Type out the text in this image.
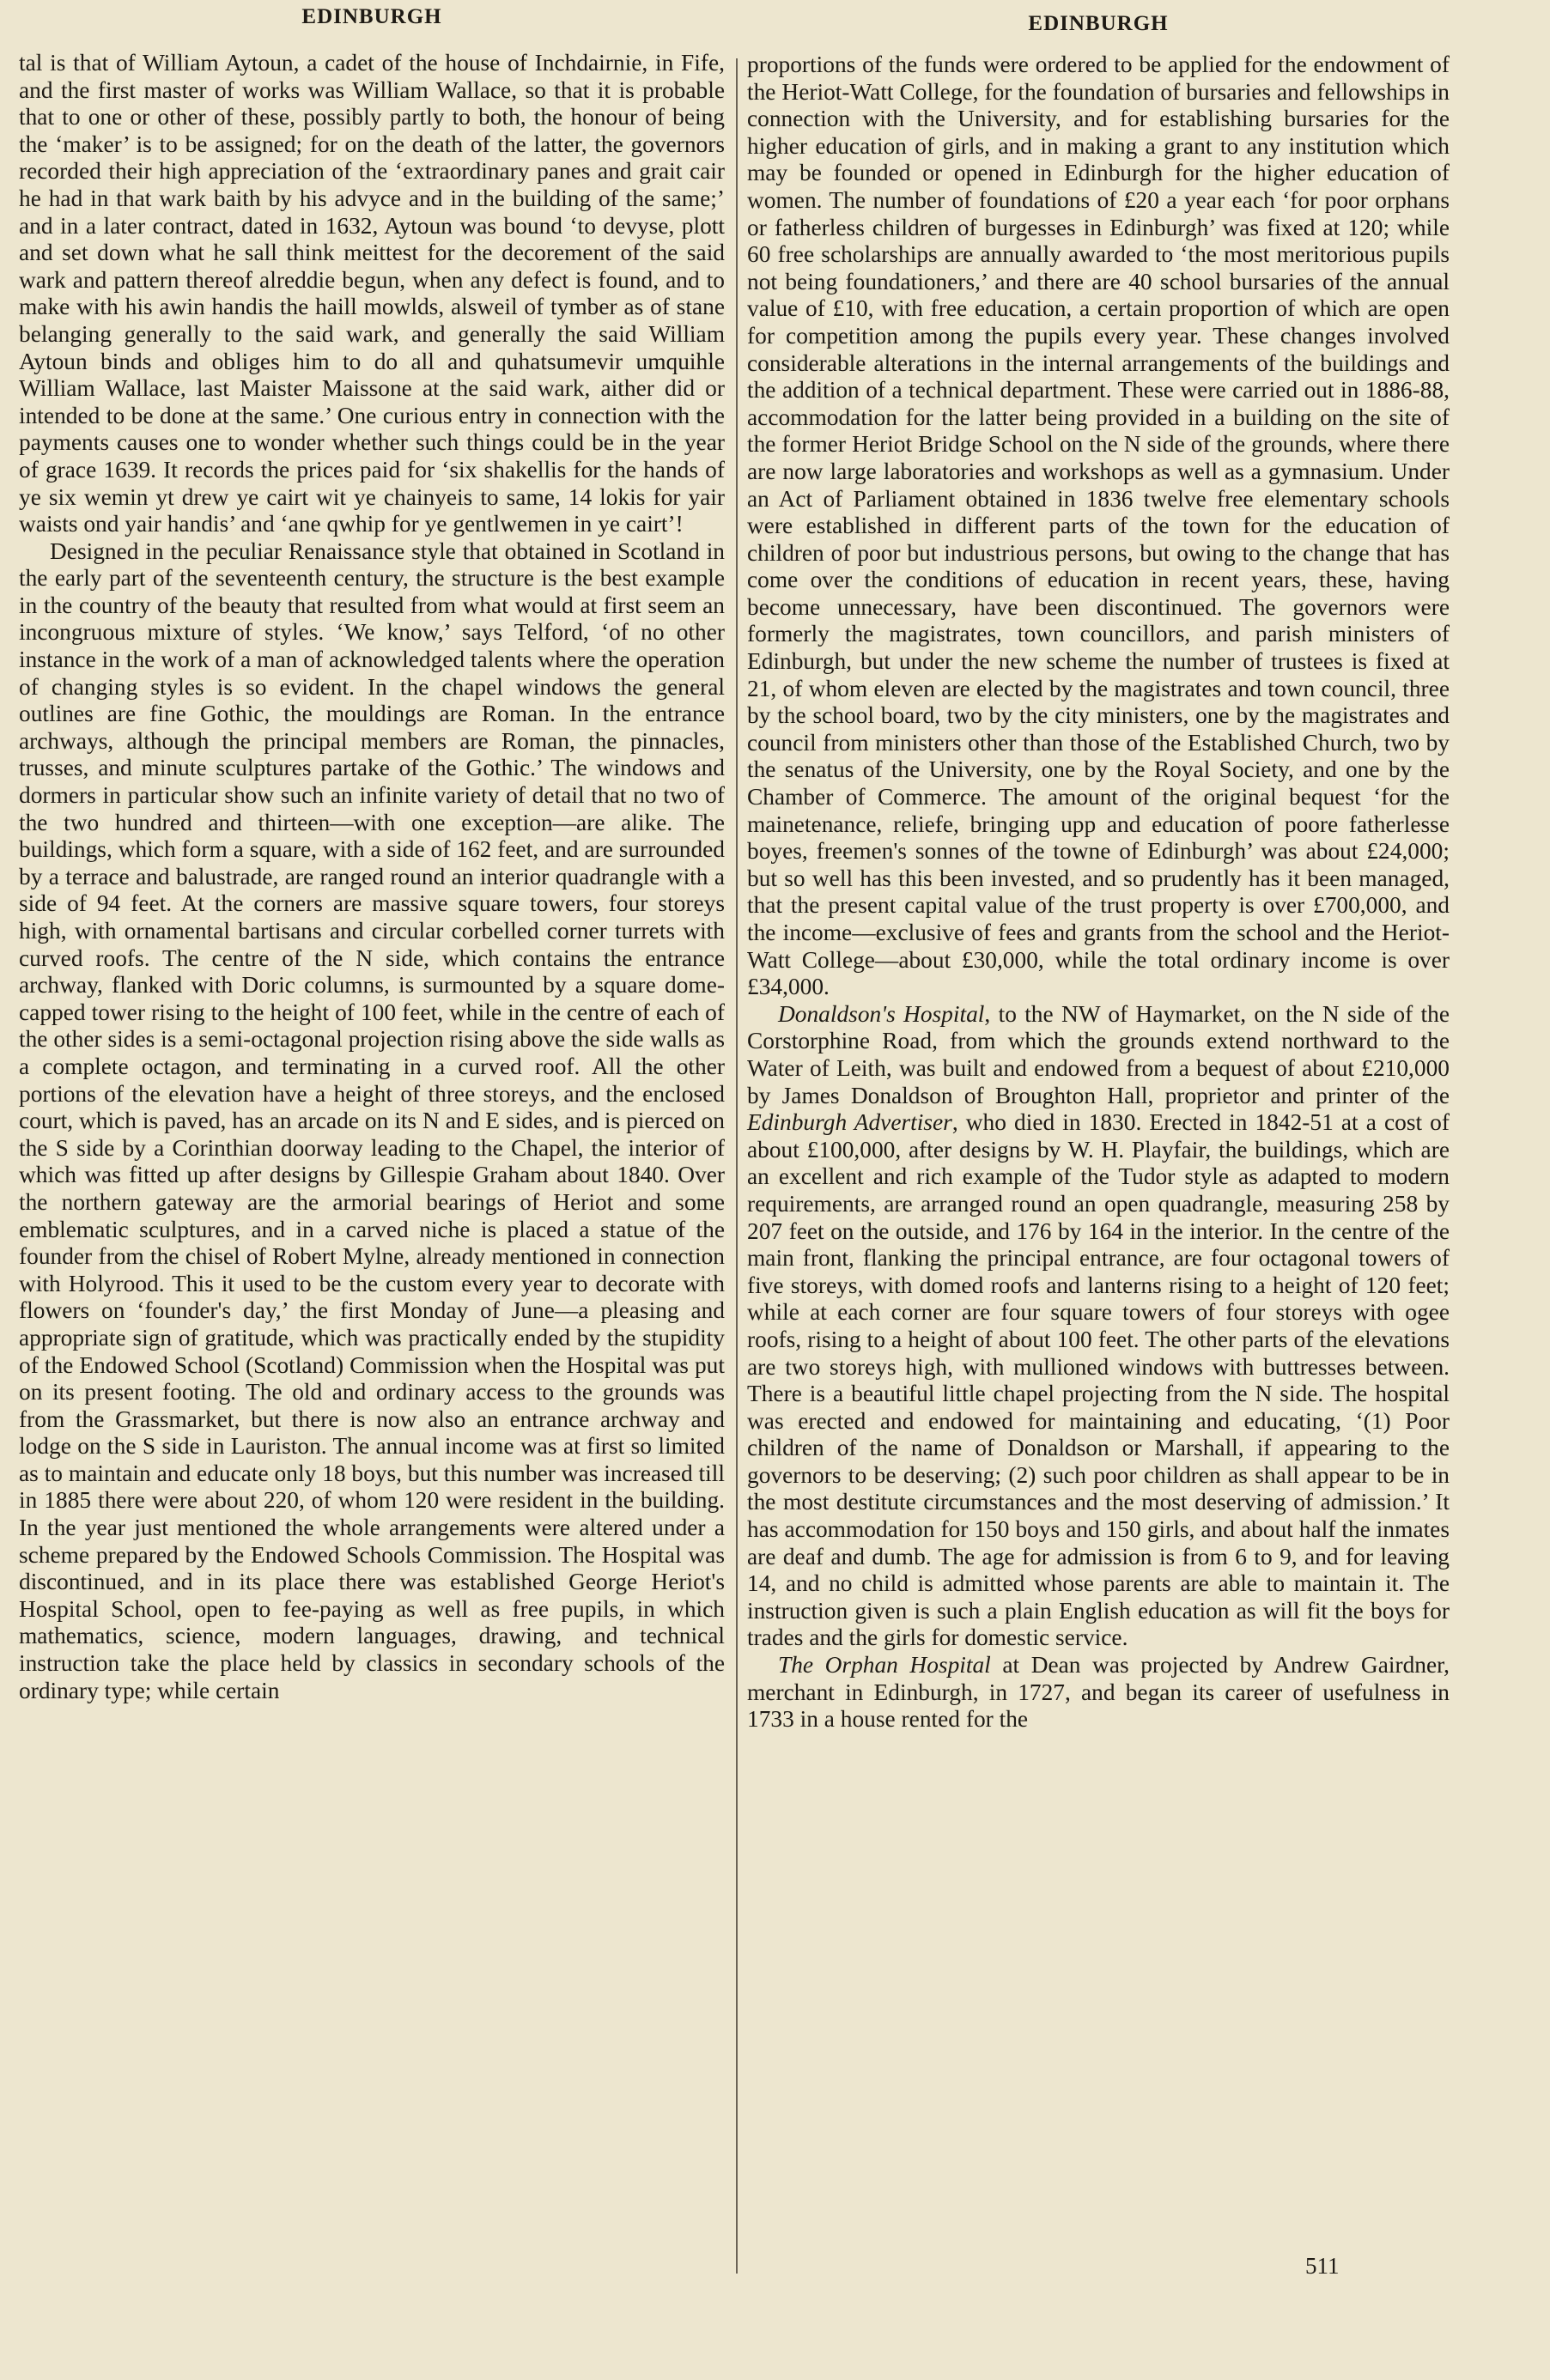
EDINBURGH

tal is that of William Aytoun, a cadet of the house of Inchdairnie, in Fife, and the first master of works was William Wallace, so that it is probable that to one or other of these, possibly partly to both, the honour of being the ‘maker’ is to be assigned; for on the death of the latter, the governors recorded their high appreciation of the ‘extraordinary panes and grait cair he had in that wark baith by his advyce and in the building of the same;’ and in a later contract, dated in 1632, Aytoun was bound ‘to devyse, plott and set down what he sall think meittest for the decorement of the said wark and pattern thereof alreddie begun, when any defect is found, and to make with his awin handis the haill mowlds, alsweil of tymber as of stane belanging generally to the said wark, and generally the said William Aytoun binds and obliges him to do all and quhatsumevir umquihle William Wallace, last Maister Maissone at the said wark, aither did or intended to be done at the same.’ One curious entry in connection with the payments causes one to wonder whether such things could be in the year of grace 1639. It records the prices paid for ‘six shakellis for the hands of ye six wemin yt drew ye cairt wit ye chainyeis to same, 14 lokis for yair waists ond yair handis’ and ‘ane qwhip for ye gentlwemen in ye cairt’!

Designed in the peculiar Renaissance style that obtained in Scotland in the early part of the seventeenth century, the structure is the best example in the country of the beauty that resulted from what would at first seem an incongruous mixture of styles. ‘We know,’ says Telford, ‘of no other instance in the work of a man of acknowledged talents where the operation of changing styles is so evident. In the chapel windows the general outlines are fine Gothic, the mouldings are Roman. In the entrance archways, although the principal members are Roman, the pinnacles, trusses, and minute sculptures partake of the Gothic.’ The windows and dormers in particular show such an infinite variety of detail that no two of the two hundred and thirteen—with one exception—are alike. The buildings, which form a square, with a side of 162 feet, and are surrounded by a terrace and balustrade, are ranged round an interior quadrangle with a side of 94 feet. At the corners are massive square towers, four storeys high, with ornamental bartisans and circular corbelled corner turrets with curved roofs. The centre of the N side, which contains the entrance archway, flanked with Doric columns, is surmounted by a square dome-capped tower rising to the height of 100 feet, while in the centre of each of the other sides is a semi-octagonal projection rising above the side walls as a complete octagon, and terminating in a curved roof. All the other portions of the elevation have a height of three storeys, and the enclosed court, which is paved, has an arcade on its N and E sides, and is pierced on the S side by a Corinthian doorway leading to the Chapel, the interior of which was fitted up after designs by Gillespie Graham about 1840. Over the northern gateway are the armorial bearings of Heriot and some emblematic sculptures, and in a carved niche is placed a statue of the founder from the chisel of Robert Mylne, already mentioned in connection with Holyrood. This it used to be the custom every year to decorate with flowers on ‘founder's day,’ the first Monday of June—a pleasing and appropriate sign of gratitude, which was practically ended by the stupidity of the Endowed School (Scotland) Commission when the Hospital was put on its present footing. The old and ordinary access to the grounds was from the Grassmarket, but there is now also an entrance archway and lodge on the S side in Lauriston. The annual income was at first so limited as to maintain and educate only 18 boys, but this number was increased till in 1885 there were about 220, of whom 120 were resident in the building. In the year just mentioned the whole arrangements were altered under a scheme prepared by the Endowed Schools Commission. The Hospital was discontinued, and in its place there was established George Heriot's Hospital School, open to fee-paying as well as free pupils, in which mathematics, science, modern languages, drawing, and technical instruction take the place held by classics in secondary schools of the ordinary type; while certain

EDINBURGH

proportions of the funds were ordered to be applied for the endowment of the Heriot-Watt College, for the foundation of bursaries and fellowships in connection with the University, and for establishing bursaries for the higher education of girls, and in making a grant to any institution which may be founded or opened in Edinburgh for the higher education of women. The number of foundations of £20 a year each ‘for poor orphans or fatherless children of burgesses in Edinburgh’ was fixed at 120; while 60 free scholarships are annually awarded to ‘the most meritorious pupils not being foundationers,’ and there are 40 school bursaries of the annual value of £10, with free education, a certain proportion of which are open for competition among the pupils every year. These changes involved considerable alterations in the internal arrangements of the buildings and the addition of a technical department. These were carried out in 1886-88, accommodation for the latter being provided in a building on the site of the former Heriot Bridge School on the N side of the grounds, where there are now large laboratories and workshops as well as a gymnasium. Under an Act of Parliament obtained in 1836 twelve free elementary schools were established in different parts of the town for the education of children of poor but industrious persons, but owing to the change that has come over the conditions of education in recent years, these, having become unnecessary, have been discontinued. The governors were formerly the magistrates, town councillors, and parish ministers of Edinburgh, but under the new scheme the number of trustees is fixed at 21, of whom eleven are elected by the magistrates and town council, three by the school board, two by the city ministers, one by the magistrates and council from ministers other than those of the Established Church, two by the senatus of the University, one by the Royal Society, and one by the Chamber of Commerce. The amount of the original bequest ‘for the mainetenance, reliefe, bringing upp and education of poore fatherlesse boyes, freemen's sonnes of the towne of Edinburgh’ was about £24,000; but so well has this been invested, and so prudently has it been managed, that the present capital value of the trust property is over £700,000, and the income—exclusive of fees and grants from the school and the Heriot-Watt College—about £30,000, while the total ordinary income is over £34,000.

Donaldson's Hospital, to the NW of Haymarket, on the N side of the Corstorphine Road, from which the grounds extend northward to the Water of Leith, was built and endowed from a bequest of about £210,000 by James Donaldson of Broughton Hall, proprietor and printer of the Edinburgh Advertiser, who died in 1830. Erected in 1842-51 at a cost of about £100,000, after designs by W. H. Playfair, the buildings, which are an excellent and rich example of the Tudor style as adapted to modern requirements, are arranged round an open quadrangle, measuring 258 by 207 feet on the outside, and 176 by 164 in the interior. In the centre of the main front, flanking the principal entrance, are four octagonal towers of five storeys, with domed roofs and lanterns rising to a height of 120 feet; while at each corner are four square towers of four storeys with ogee roofs, rising to a height of about 100 feet. The other parts of the elevations are two storeys high, with mullioned windows with buttresses between. There is a beautiful little chapel projecting from the N side. The hospital was erected and endowed for maintaining and educating, ‘(1) Poor children of the name of Donaldson or Marshall, if appearing to the governors to be deserving; (2) such poor children as shall appear to be in the most destitute circumstances and the most deserving of admission.’ It has accommodation for 150 boys and 150 girls, and about half the inmates are deaf and dumb. The age for admission is from 6 to 9, and for leaving 14, and no child is admitted whose parents are able to maintain it. The instruction given is such a plain English education as will fit the boys for trades and the girls for domestic service.

The Orphan Hospital at Dean was projected by Andrew Gairdner, merchant in Edinburgh, in 1727, and began its career of usefulness in 1733 in a house rented for the

511
